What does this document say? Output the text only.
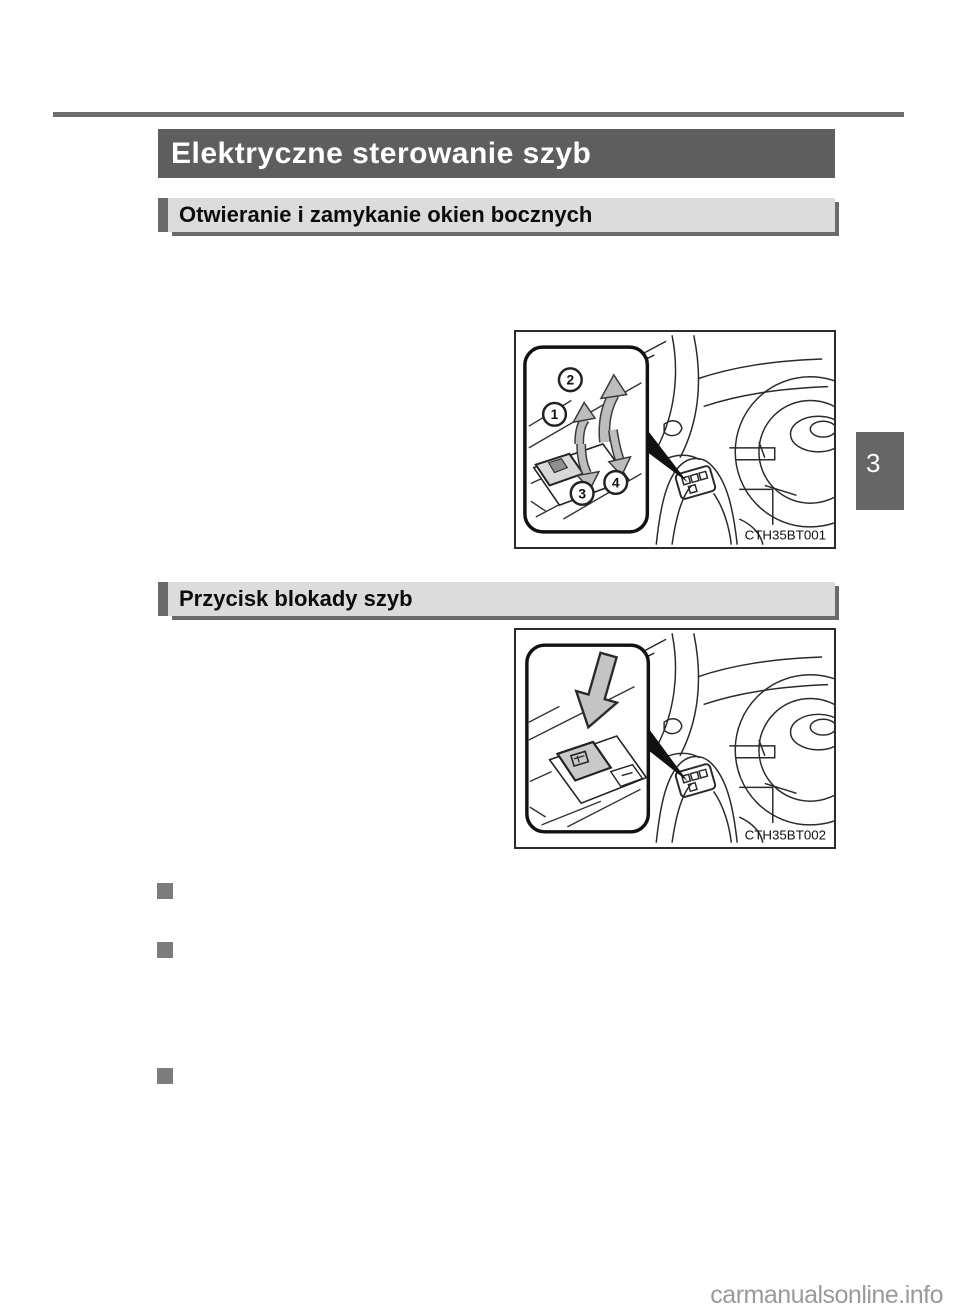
Elektryczne sterowanie szyb
Otwieranie i zamykanie okien bocznych
1
2
3
4
CTH35BT001
3
Przycisk blokady szyb
CTH35BT002
carmanualsonline.info
